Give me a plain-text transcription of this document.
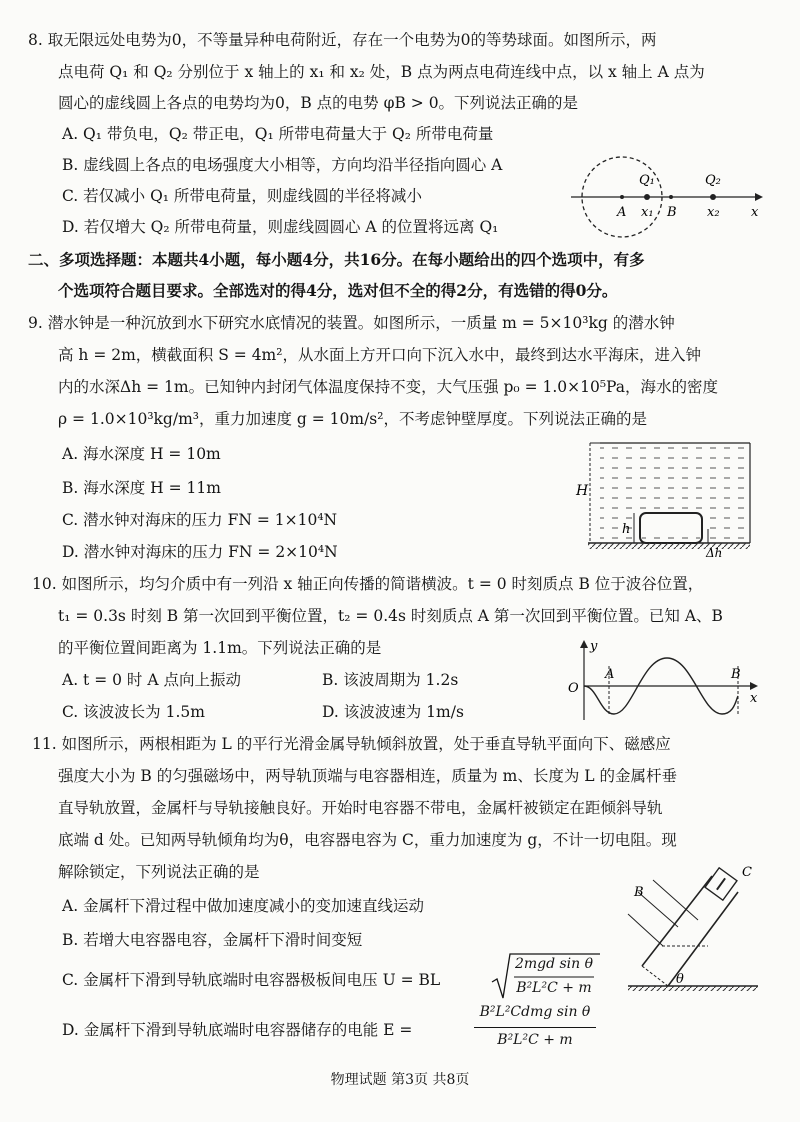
8. 取无限远处电势为0，不等量异种电荷附近，存在一个电势为0的等势球面。如图所示，两
点电荷 Q₁ 和 Q₂ 分别位于 x 轴上的 x₁ 和 x₂ 处，B 点为两点电荷连线中点，以 x 轴上 A 点为
圆心的虚线圆上各点的电势均为0，B 点的电势 φB > 0。下列说法正确的是
A. Q₁ 带负电，Q₂ 带正电，Q₁ 所带电荷量大于 Q₂ 所带电荷量
B. 虚线圆上各点的电场强度大小相等，方向均沿半径指向圆心 A
C. 若仅减小 Q₁ 所带电荷量，则虚线圆的半径将减小
D. 若仅增大 Q₂ 所带电荷量，则虚线圆圆心 A 的位置将远离 Q₁
Q₁	Q₂
A x₁ B x₂ x
二、多项选择题：本题共4小题，每小题4分，共16分。在每小题给出的四个选项中，有多
个选项符合题目要求。全部选对的得4分，选对但不全的得2分，有选错的得0分。
9. 潜水钟是一种沉放到水下研究水底情况的装置。如图所示，一质量 m = 5×10³kg 的潜水钟
高 h = 2m，横截面积 S = 4m²，从水面上方开口向下沉入水中，最终到达水平海床，进入钟
内的水深Δh = 1m。已知钟内封闭气体温度保持不变，大气压强 p₀ = 1.0×10⁵Pa，海水的密度
ρ = 1.0×10³kg/m³，重力加速度 g = 10m/s²，不考虑钟壁厚度。下列说法正确的是
A. 海水深度 H = 10m
B. 海水深度 H = 11m
C. 潜水钟对海床的压力 FN = 1×10⁴N
D. 潜水钟对海床的压力 FN = 2×10⁴N
H
h
Δh
10. 如图所示，均匀介质中有一列沿 x 轴正向传播的简谐横波。t = 0 时刻质点 B 位于波谷位置，
t₁ = 0.3s 时刻 B 第一次回到平衡位置，t₂ = 0.4s 时刻质点 A 第一次回到平衡位置。已知 A、B
的平衡位置间距离为 1.1m。下列说法正确的是
A. t = 0 时 A 点向上振动	B. 该波周期为 1.2s
C. 该波波长为 1.5m	D. 该波波速为 1m/s
y
O
A	B
x
11. 如图所示，两根相距为 L 的平行光滑金属导轨倾斜放置，处于垂直导轨平面向下、磁感应
强度大小为 B 的匀强磁场中，两导轨顶端与电容器相连，质量为 m、长度为 L 的金属杆垂
直导轨放置，金属杆与导轨接触良好。开始时电容器不带电，金属杆被锁定在距倾斜导轨
底端 d 处。已知两导轨倾角均为θ，电容器电容为 C，重力加速度为 g，不计一切电阻。现
解除锁定，下列说法正确的是
A. 金属杆下滑过程中做加速度减小的变加速直线运动
B. 若增大电容器电容，金属杆下滑时间变短
C. 金属杆下滑到导轨底端时电容器极板间电压 U = BL
2mgd sin θ
B²L²C + m
D. 金属杆下滑到导轨底端时电容器储存的电能 E =
B²L²Cdmg sin θ
B²L²C + m
B
C
θ
物理试题 第3页 共8页
